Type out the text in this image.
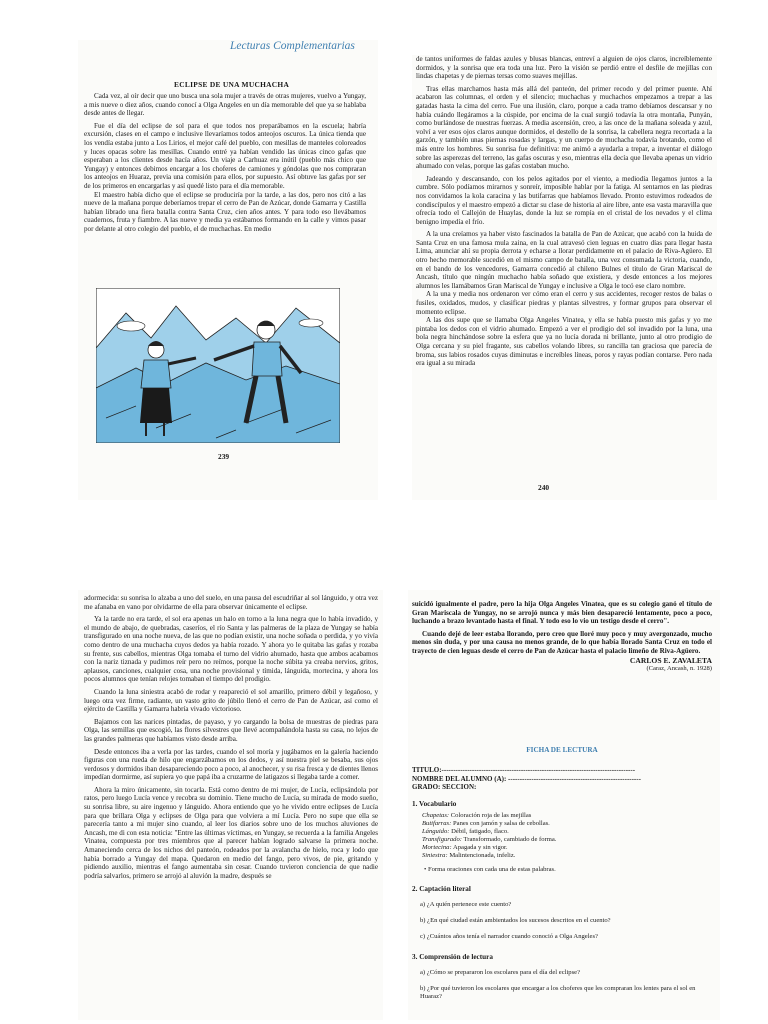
Lecturas Complementarias
ECLIPSE DE UNA MUCHACHA

Cada vez, al oír decir que uno busca una sola mujer a través de otras mujeres, vuelvo a Yungay, a mis nueve o diez años, cuando conocí a Olga Angeles en un día memorable del que ya se hablaba desde antes de llegar.

Fue el día del eclipse de sol para el que todos nos preparábamos en la escuela; habría excursión, clases en el campo e inclusive llevaríamos todos anteojos oscuros. La única tienda que los vendía estaba junto a Los Lirios, el mejor café del pueblo, con mesillas de manteles coloreados y luces opacas sobre las mesillas. Cuando entré ya habían vendido las únicas cinco gafas que esperaban a los clientes desde hacía años. Un viaje a Carhuaz era inútil (pueblo más chico que Yungay) y entonces debimos encargar a los choferes de camiones y góndolas que nos compraran los anteojos en Huaraz, previa una comisión para ellos, por supuesto. Así obtuve las gafas por ser de los primeros en encargarlas y así quedé listo para el día memorable.

El maestro había dicho que el eclipse se produciría por la tarde, a las dos, pero nos citó a las nueve de la mañana porque deberíamos trepar el cerro de Pan de Azúcar, donde Gamarra y Castilla habían librado una fiera batalla contra Santa Cruz, cien años antes. Y para todo eso llevábamos cuadernos, fruta y fiambre. A las nueve y media ya estábamos formando en la calle y vimos pasar por delante al otro colegio del pueblo, el de muchachas. En medio

239

de tantos uniformes de faldas azules y blusas blancas, entreví a alguien de ojos claros, increíblemente dormidos, y la sonrisa que era toda una luz. Pero la visión se perdió entre el desfile de mejillas con lindas chapetas y de piernas tersas como suaves mejillas.

Tras ellas marchamos hasta más allá del panteón, del primer recodo y del primer puente. Ahí acabaron las columnas, el orden y el silencio; muchachas y muchachos empezamos a trepar a las gatadas hasta la cima del cerro. Fue una ilusión, claro, porque a cada tramo debíamos descansar y no había cuándo llegáramos a la cúspide, por encima de la cual surgió todavía la otra montaña, Punyán, como burlándose de nuestras fuerzas. A media ascensión, creo, a las once de la mañana soleada y azul, volví a ver esos ojos claros aunque dormidos, el destello de la sonrisa, la cabellera negra recortada a la garzón, y también unas piernas rosadas y largas, y un cuerpo de muchacha todavía brotando, como el más entre los hombres. Su sonrisa fue definitiva: me animó a ayudarla a trepar, a inventar el diálogo sobre las asperezas del terreno, las gafas oscuras y eso, mientras ella decía que llevaba apenas un vidrio ahumado con velas, porque las gafas costaban mucho.

Jadeando y descansando, con los pelos agitados por el viento, a mediodía llegamos juntos a la cumbre. Sólo podíamos mirarnos y sonreír, imposible hablar por la fatiga. Al sentarnos en las piedras nos convidamos la kola caracina y las butifarras que habíamos llevado. Pronto estuvimos rodeados de condiscípulos y el maestro empezó a dictar su clase de historia al aire libre, ante esa vasta maravilla que ofrecía todo el Callejón de Huaylas, donde la luz se rompía en el cristal de los nevados y el clima benigno impedía el frío.

A la una creíamos ya haber visto fascinados la batalla de Pan de Azúcar, que acabó con la huida de Santa Cruz en una famosa mula zaina, en la cual atravesó cien leguas en cuatro días para llegar hasta Lima, anunciar ahí su propia derrota y echarse a llorar perdidamente en el palacio de Riva-Agüero. El otro hecho memorable sucedió en el mismo campo de batalla, una vez consumada la victoria, cuando, en el bando de los vencedores, Gamarra concedió al chileno Bulnes el título de Gran Mariscal de Ancash, título que ningún muchacho había soñado que existiera, y desde entonces a los mejores alumnos les llamábamos Gran Mariscal de Yungay e inclusive a Olga le tocó ese claro nombre.

A la una y media nos ordenaron ver cómo eran el cerro y sus accidentes, recoger restos de balas o fusiles, oxidados, mudos, y clasificar piedras y plantas silvestres, y formar grupos para observar el momento eclipse.

A las dos supe que se llamaba Olga Angeles Vinatea, y ella se había puesto mis gafas y yo me pintaba los dedos con el vidrio ahumado. Empezó a ver el prodigio del sol invadido por la luna, una bola negra hinchándose sobre la esfera que ya no lucía dorada ni brillante, junto al otro prodigio de Olga cercana y su piel fragante, sus cabellos volando libres, su rancilla tan graciosa que parecía de broma, sus labios rosados cuyas diminutas e increíbles líneas, poros y rayas podían contarse. Pero nada era igual a su mirada

240

adormecida: su sonrisa lo alzaba a uno del suelo, en una pausa del escudriñar al sol lánguido, y otra vez me afanaba en vano por olvidarme de ella para observar únicamente el eclipse.

Ya la tarde no era tarde, el sol era apenas un halo en torno a la luna negra que lo había invadido, y el mundo de abajo, de quebradas, caseríos, el río Santa y las palmeras de la plaza de Yungay se había transfigurado en una noche nueva, de las que no podían existir, una noche soñada o perdida, y yo vivía como dentro de una muchacha cuyos dedos ya había rozado. Y ahora yo le quitaba las gafas y rozaba su frente, sus cabellos, mientras Olga tomaba el turno del vidrio ahumado, hasta que ambos acabamos con la nariz tiznada y pudimos reír pero no reímos, porque la noche súbita ya creaba nervios, gritos, aplausos, canciones, cualquier cosa, una noche provisional y tímida, lánguida, mortecina, y ahora los pocos alumnos que tenían relojes tomaban el tiempo del prodigio.

Cuando la luna siniestra acabó de rodar y reapareció el sol amarillo, primero débil y legañoso, y luego otra vez firme, radiante, un vasto grito de júbilo llenó el cerro de Pan de Azúcar, así como el ejército de Castilla y Gamarra habría vivado victorioso.

Bajamos con las narices pintadas, de payaso, y yo cargando la bolsa de muestras de piedras para Olga, las semillas que escogió, las flores silvestres que llevé acompañándola hasta su casa, no lejos de las grandes palmeras que habíamos visto desde arriba.

Desde entonces iba a verla por las tardes, cuando el sol moría y jugábamos en la galería haciendo figuras con una rueda de hilo que engarzábamos en los dedos, y así nuestra piel se besaba, sus ojos verdosos y dormidos iban desapareciendo poco a poco, al anochecer, y su risa fresca y de dientes llenos impedían dormirme, así supiera yo que papá iba a cruzarme de latigazos si llegaba tarde a comer.

Ahora la miro únicamente, sin tocarla. Está como dentro de mi mujer, de Lucía, eclipsándola por ratos, pero luego Lucía vence y recobra su dominio. Tiene mucho de Lucía, su mirada de modo sueño, su sonrisa libre, su aire ingenuo y lánguido. Ahora entiendo que yo he vivido entre eclipses de Lucía para que brillara Olga y eclipses de Olga para que volviera a mí Lucía. Pero no supe que ella se parecería tanto a mi mujer sino cuando, al leer los diarios sobre uno de los muchos aluviones de Ancash, me di con esta noticia: "Entre las últimas víctimas, en Yungay, se recuerda a la familia Angeles Vinatea, compuesta por tres miembros que al parecer habían logrado salvarse la primera noche. Amaneciendo cerca de los nichos del panteón, rodeados por la avalancha de hielo, roca y lodo que había borrado a Yungay del mapa. Quedaron en medio del fango, pero vivos, de pie, gritando y pidiendo auxilio, mientras el fango aumentaba sin cesar. Cuando tuvieron conciencia de que nadie podría salvarlos, primero se arrojó al aluvión la madre, después se

suicidó igualmente el padre, pero la hija Olga Angeles Vinatea, que es su colegio ganó el título de Gran Mariscala de Yungay, no se arrojó nunca y más bien desapareció lentamente, poco a poco, luchando a brazo levantado hasta el final. Y todo eso lo vio un testigo desde el cerro".

Cuando dejé de leer estaba llorando, pero creo que lloré muy poco y muy avergonzado, mucho menos sin duda, y por una causa no menos grande, de lo que había llorado Santa Cruz en todo el trayecto de cien leguas desde el cerro de Pan de Azúcar hasta el palacio limeño de Riva-Agüero.

CARLOS E. ZAVALETA

(Caraz, Ancash, n. 1928)

FICHA DE LECTURA

TITULO:-----------------------------------------------------------------------------------

NOMBRE DEL ALUMNO (A): ---------------------------------------------------------

GRADO: SECCION:

1. Vocabulario

Chapetas: Coloración roja de las mejillas

Butifarras: Panes con jamón y salsa de cebollas.

Lánguido: Débil, fatigado, flaco.

Transfigurado: Transformado, cambiado de forma.

Mortecina: Apagada y sin vigor.

Siniestra: Malintencionada, infeliz.

• Forma oraciones con cada una de estas palabras.

2. Captación literal

a) ¿A quién pertenece este cuento?

b) ¿En qué ciudad están ambientados los sucesos descritos en el cuento?

c) ¿Cuántos años tenía el narrador cuando conoció a Olga Angeles?

3. Comprensión de lectura

a) ¿Cómo se prepararon los escolares para el día del eclipse?

b) ¿Por qué tuvieron los escolares que encargar a los choferes que les compraran los lentes para el sol en Huaraz?
